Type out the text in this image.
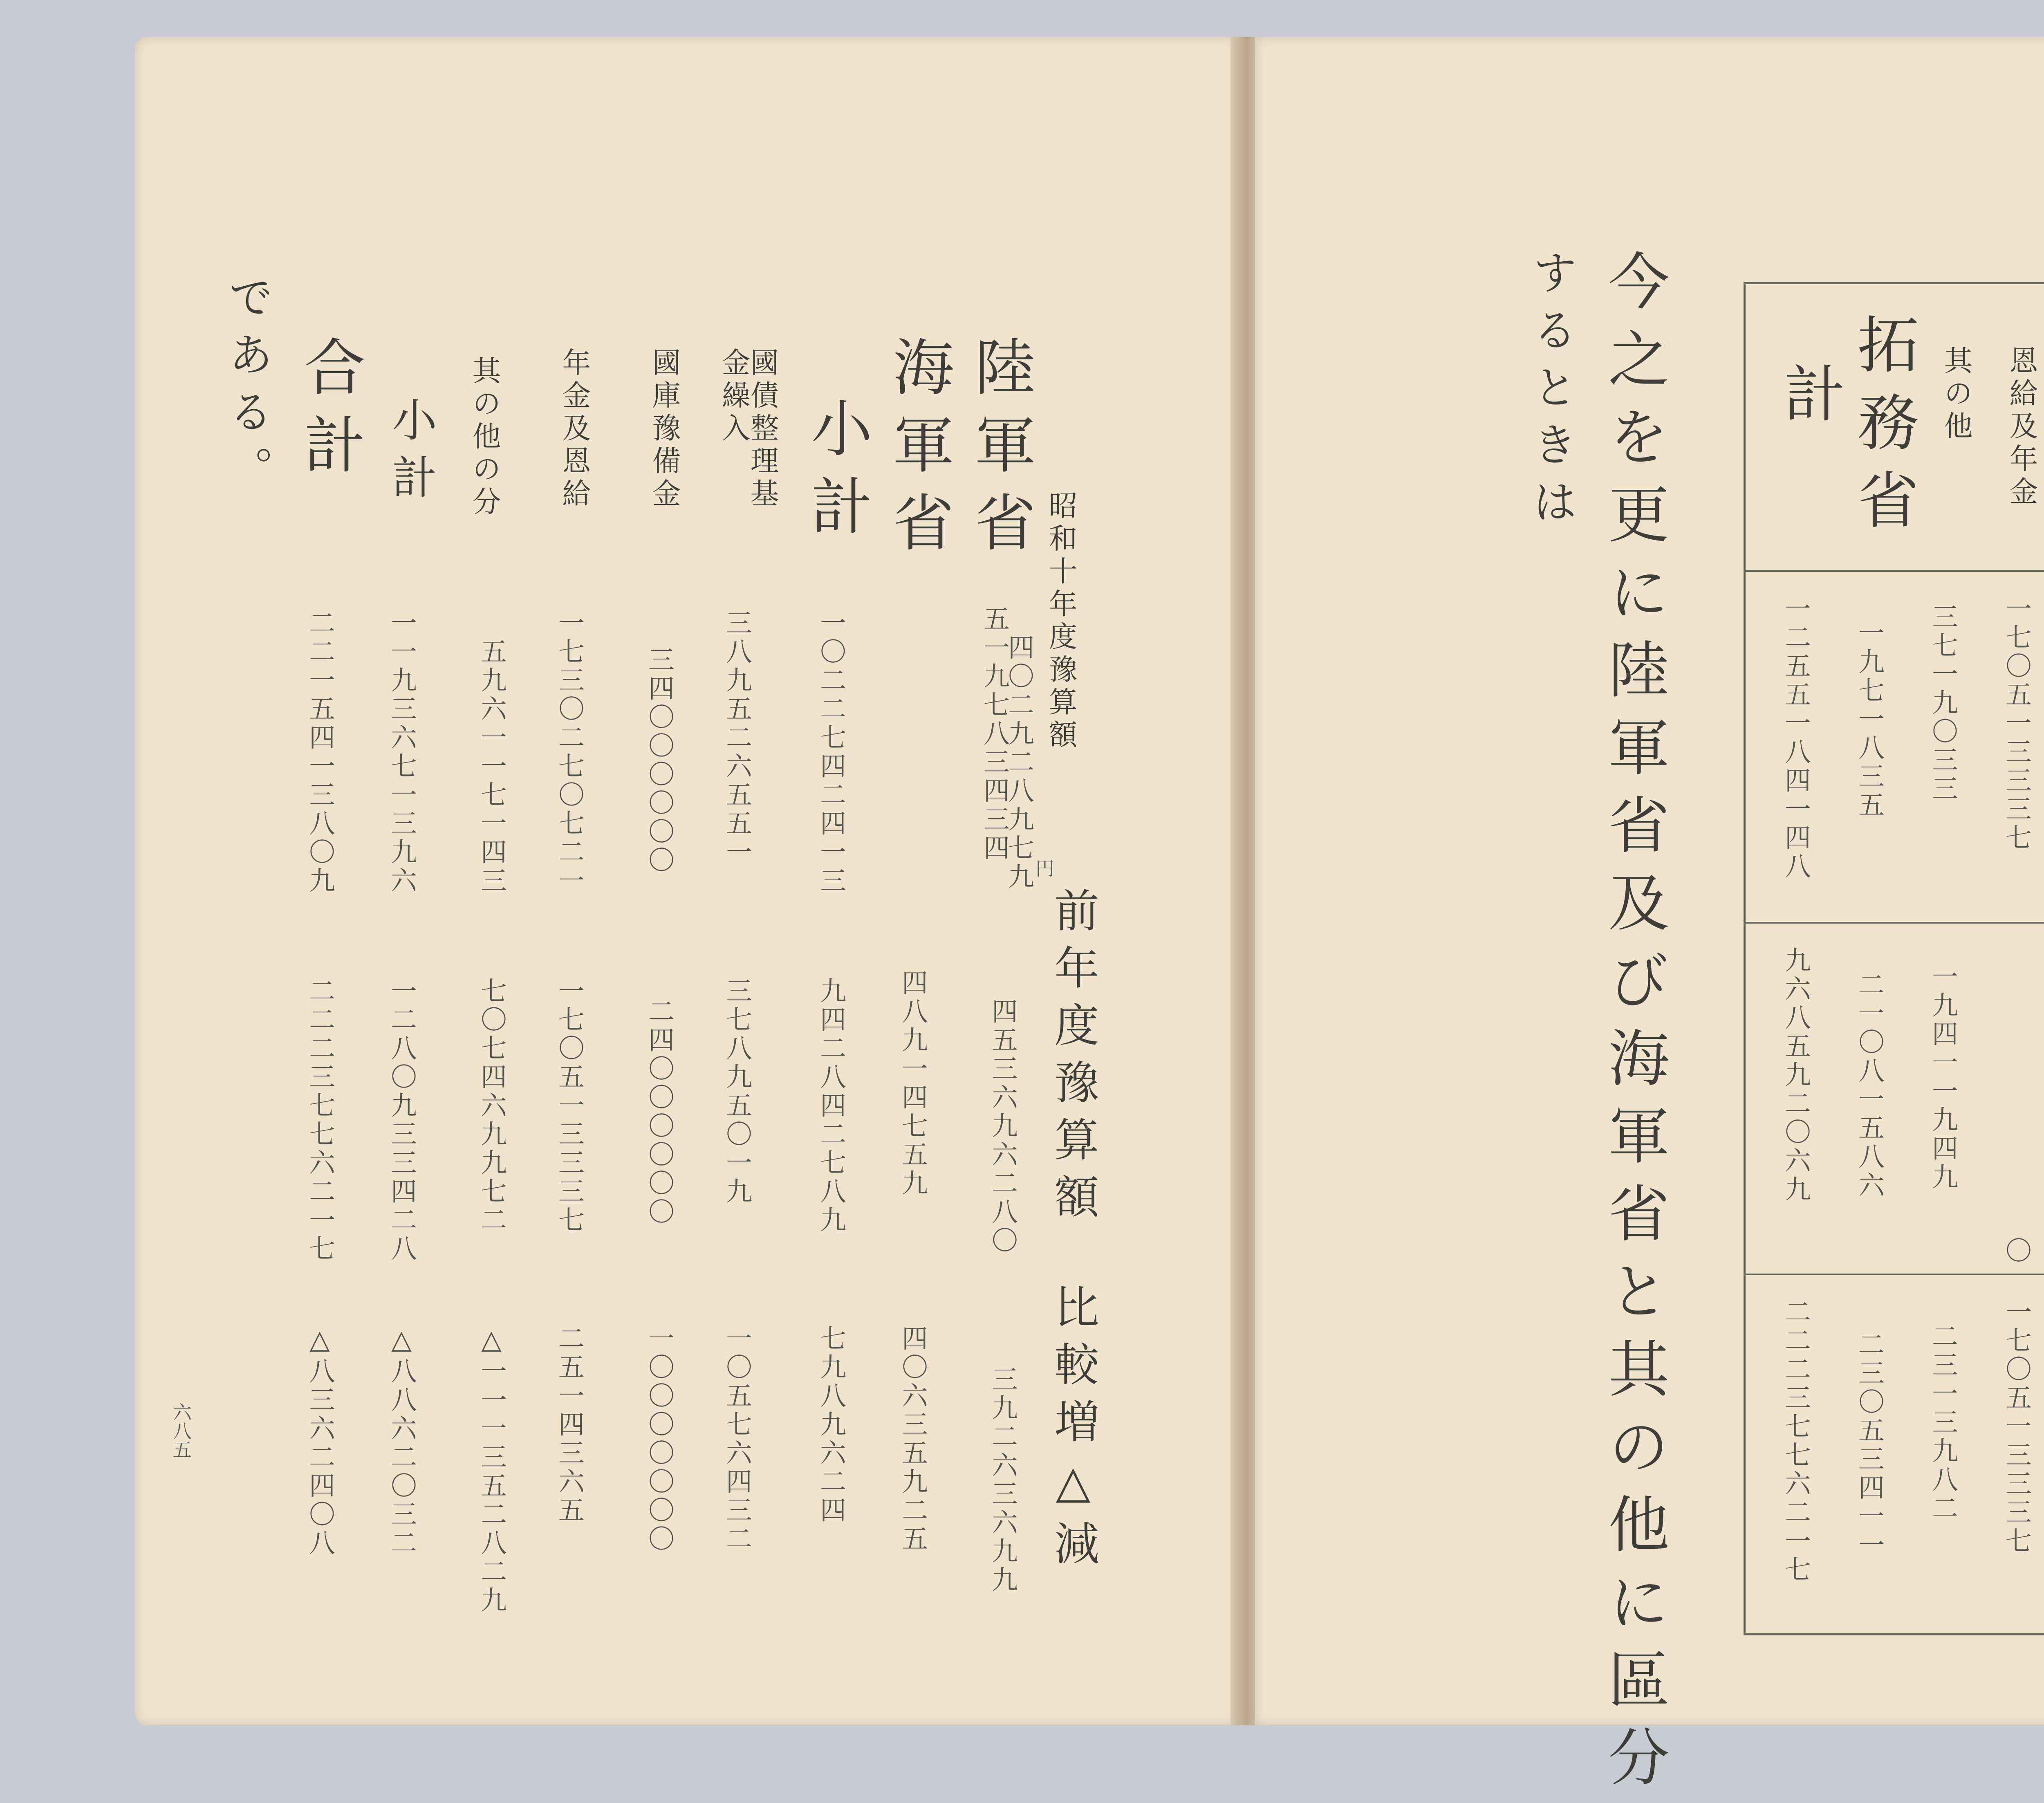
昭和十年度豫算額
前年度豫算額
比較増△減
陸軍省
海軍省
小計
國債整理基金繰入
國庫豫備金
年金及恩給
其の他の分
小計
合計
五一九七八三四三四
四〇二九二八九七九
一〇二二七四二四一三
三八九五二六五五一
三四〇〇〇〇〇〇
一七三〇二七〇七二一
五九六一一七一四三
一一九三六七一三九六
二二一五四一三八〇九
四八九一四七五九 四五三六九六二八〇
九四二八四二七八九
三七八九五〇一九
二四〇〇〇〇〇〇
一七〇五一三三三七
七〇七四六九九七二
一二八〇九三三四二八
二二二三七七六二一七
四〇六三五九二五 三九二六三六九九
七九八九六二四
一〇五七六四三二
一〇〇〇〇〇〇〇
二五一四三六五
△一一一三五二八二九
△八八六二〇三二
△八三六二四〇八
である。
六八五
するときは 今之を更に陸軍省及び海軍省と其の他に區分	恩給及年金
其の他
拓務省
計
一七〇五一三三三七
三七一九〇三三
一九七一八三五
一二五五一八四一四八
〇
一九四一一九四九
二一〇八一五八六
九六八五九二〇六九
一七〇五一三三三七
二三一三九八二
二三〇五三四一一
二二二三七七六二一七
円
